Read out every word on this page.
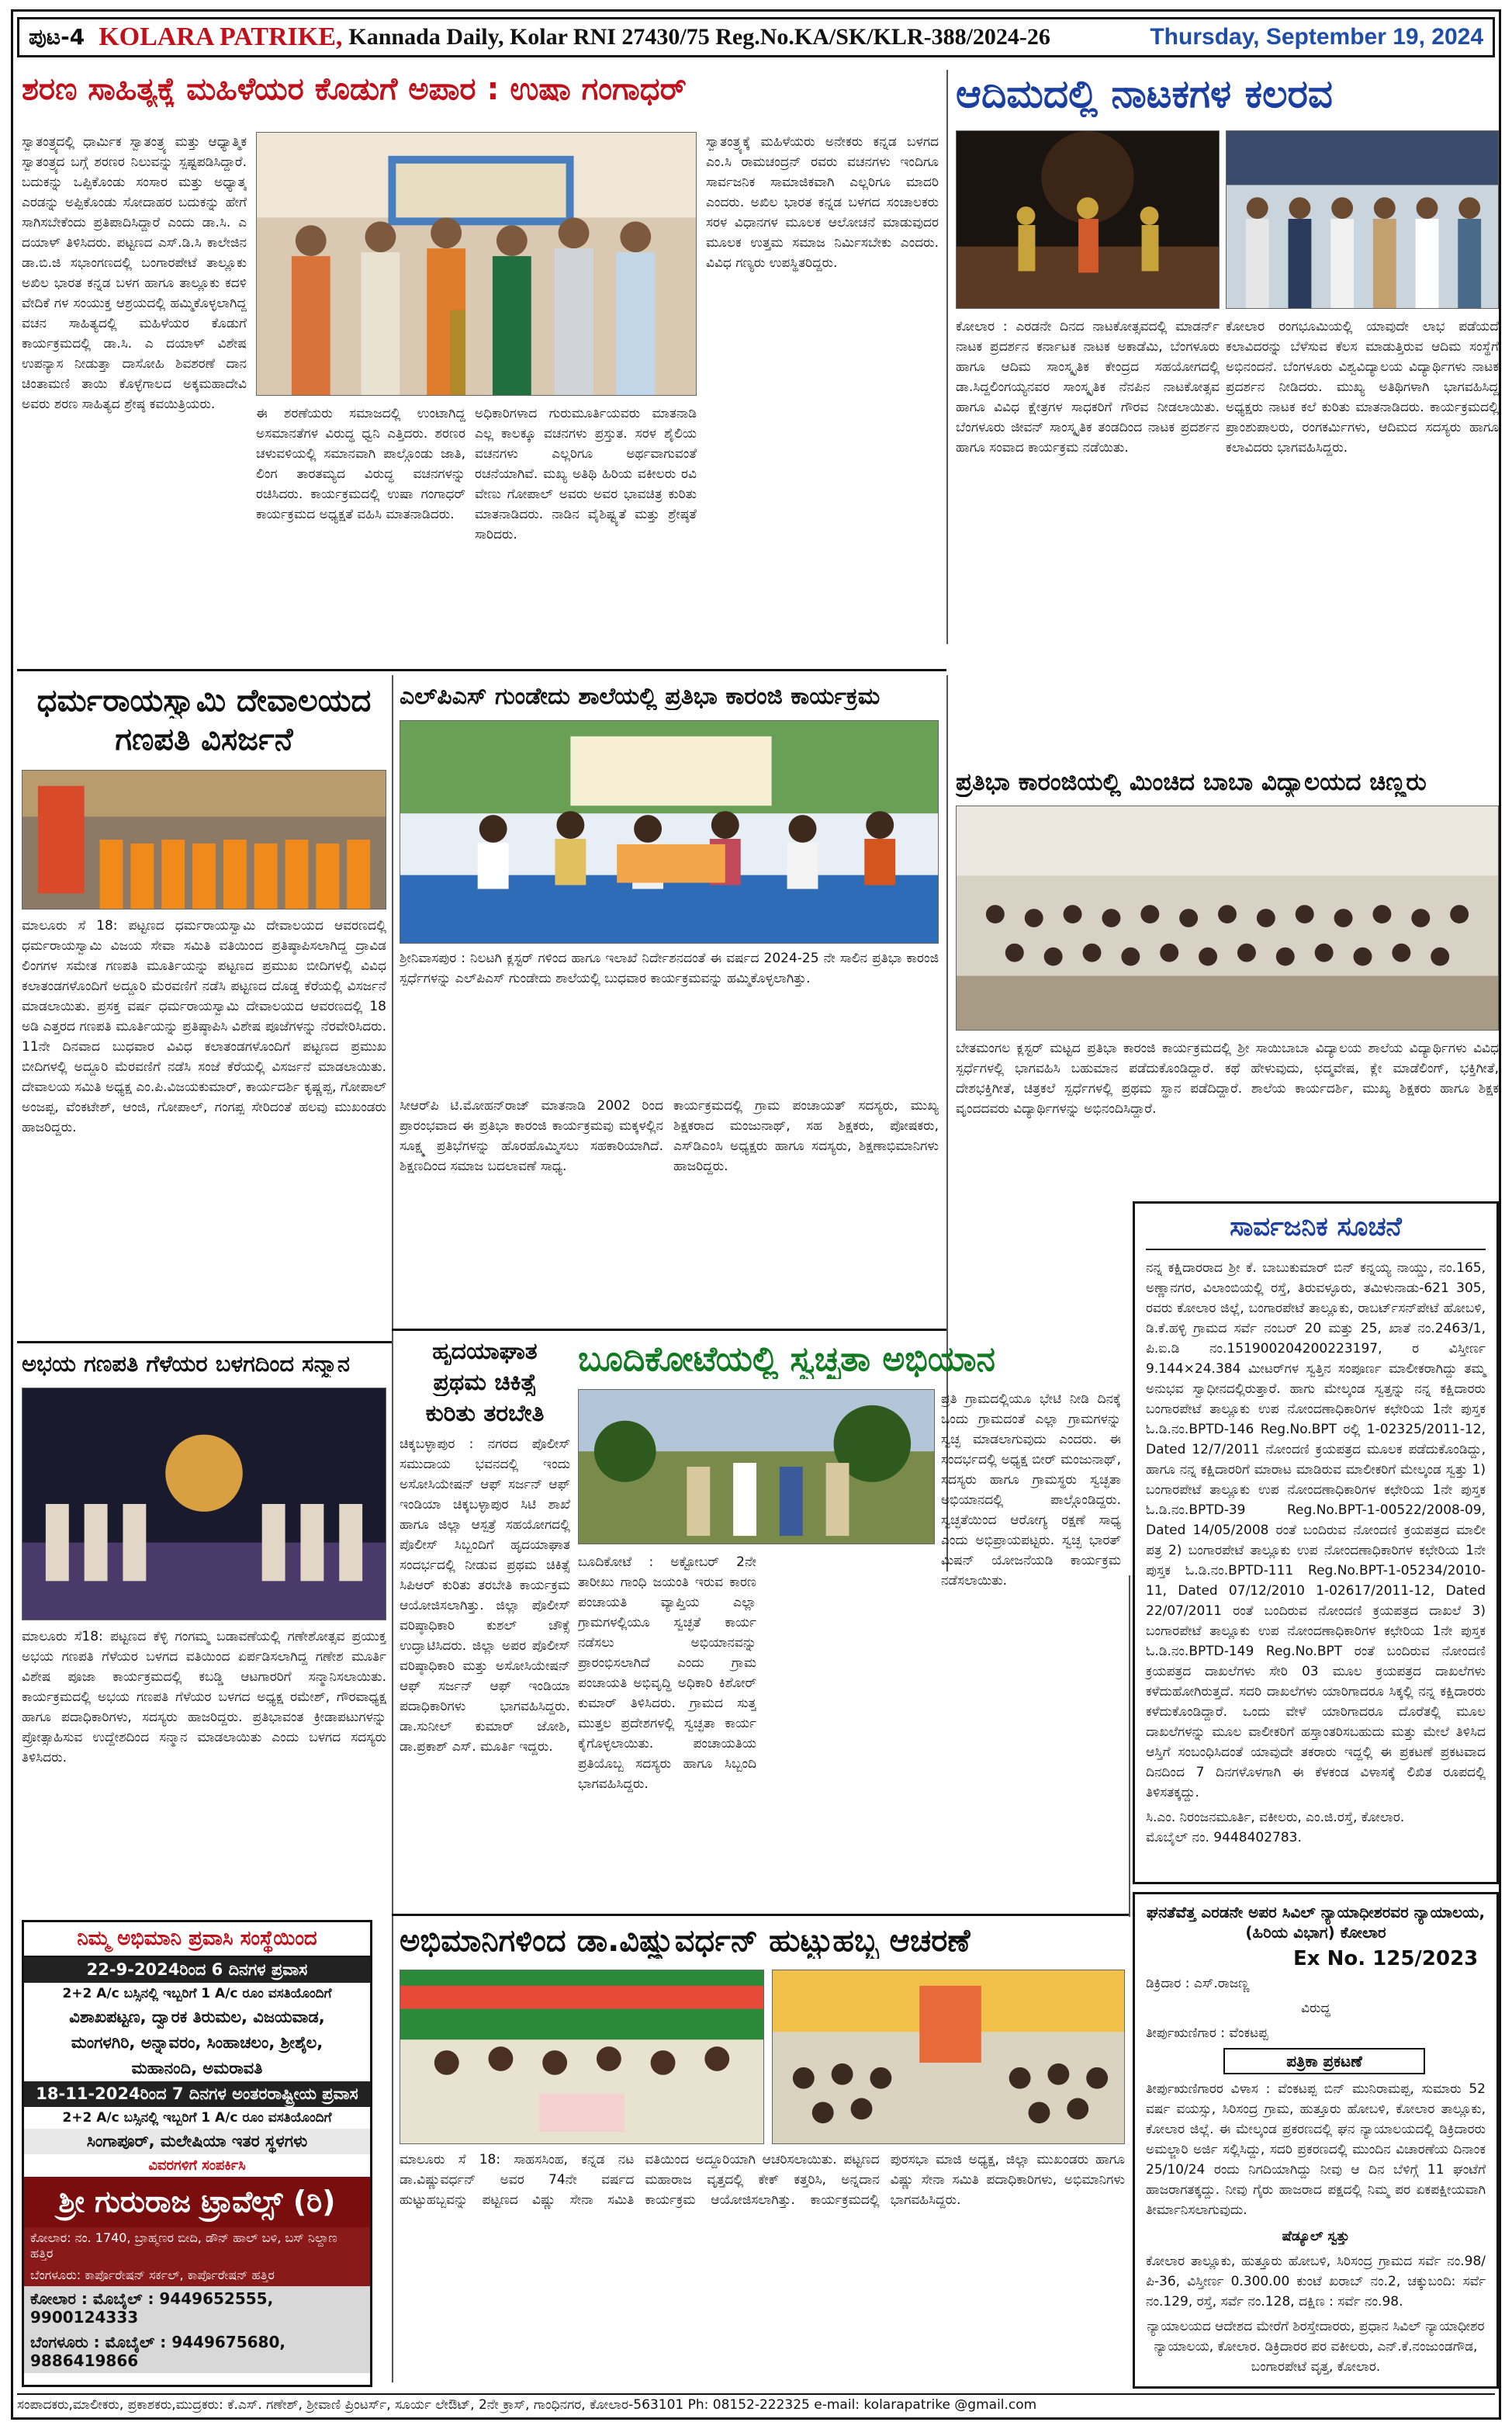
ಪುಟ-4 KOLARA PATRIKE, Kannada Daily, Kolar RNI 27430/75 Reg.No.KA/SK/KLR-388/2024-26	Thursday, September 19, 2024
ಶರಣ ಸಾಹಿತ್ಯಕ್ಕೆ ಮಹಿಳೆಯರ ಕೊಡುಗೆ ಅಪಾರ : ಉಷಾ ಗಂಗಾಧರ್
ಸ್ವಾತಂತ್ರ್ಯದಲ್ಲಿ ಧಾರ್ಮಿಕ ಸ್ವಾತಂತ್ರ್ಯ ಮತ್ತು ಆಧ್ಯಾತ್ಮಿಕ ಸ್ವಾತಂತ್ರ್ಯದ ಬಗ್ಗೆ ಶರಣರ ನಿಲುವನ್ನು ಸ್ಪಷ್ಟಪಡಿಸಿದ್ದಾರೆ. ಬದುಕನ್ನು ಒಪ್ಪಿಕೊಂಡು ಸಂಸಾರ ಮತ್ತು ಅಧ್ಯಾತ್ಮ ಎರಡನ್ನು ಅಪ್ಪಿಕೊಂಡು ಸೋದಾಹರ ಬದುಕನ್ನು ಹೇಗೆ ಸಾಗಿಸಬೇಕೆಂದು ಪ್ರತಿಪಾದಿಸಿದ್ದಾರೆ ಎಂದು ಡಾ.ಸಿ. ಎ ದಯಾಳ್ ತಿಳಿಸಿದರು. ಪಟ್ಟಣದ ಎಸ್.ಡಿ.ಸಿ ಕಾಲೇಜಿನ ಡಾ.ಬಿ.ಜಿ ಸಭಾಂಗಣದಲ್ಲಿ ಬಂಗಾರಪೇಟೆ ತಾಲ್ಲೂಕು ಅಖಿಲ ಭಾರತ ಕನ್ನಡ ಬಳಗ ಹಾಗೂ ತಾಲ್ಲೂಕು ಕದಳಿ ವೇದಿಕೆ ಗಳ ಸಂಯುಕ್ತ ಆಶ್ರಯದಲ್ಲಿ ಹಮ್ಮಿಕೊಳ್ಳಲಾಗಿದ್ದ ವಚನ ಸಾಹಿತ್ಯದಲ್ಲಿ ಮಹಿಳೆಯರ ಕೊಡುಗೆ ಕಾರ್ಯಕ್ರಮದಲ್ಲಿ ಡಾ.ಸಿ. ಎ ದಯಾಳ್ ವಿಶೇಷ ಉಪನ್ಯಾಸ ನೀಡುತ್ತಾ ದಾಸೋಹಿ ಶಿವಶರಣೆ ದಾನ ಚಿಂತಾಮಣಿ ತಾಯಿ ಕೊಳ್ಳೆಗಾಲದ ಅಕ್ಕಮಹಾದೇವಿ ಅವರು ಶರಣ ಸಾಹಿತ್ಯದ ಶ್ರೇಷ್ಠ ಕವಯಿತ್ರಿಯರು.
ಈ ಶರಣೆಯರು ಸಮಾಜದಲ್ಲಿ ಉಂಟಾಗಿದ್ದ ಅಸಮಾನತೆಗಳ ವಿರುದ್ಧ ಧ್ವನಿ ಎತ್ತಿದರು. ಶರಣರ ಚಳುವಳಿಯಲ್ಲಿ ಸಮಾನವಾಗಿ ಪಾಲ್ಗೊಂಡು ಜಾತಿ, ಲಿಂಗ ತಾರತಮ್ಯದ ವಿರುದ್ಧ ವಚನಗಳನ್ನು ರಚಿಸಿದರು. ಕಾರ್ಯಕ್ರಮದಲ್ಲಿ ಉಷಾ ಗಂಗಾಧರ್ ಕಾರ್ಯಕ್ರಮದ ಅಧ್ಯಕ್ಷತೆ ವಹಿಸಿ ಮಾತನಾಡಿದರು.
ಅಧಿಕಾರಿಗಳಾದ ಗುರುಮೂರ್ತಿಯವರು ಮಾತನಾಡಿ ಎಲ್ಲ ಕಾಲಕ್ಕೂ ವಚನಗಳು ಪ್ರಸ್ತುತ. ಸರಳ ಶೈಲಿಯ ವಚನಗಳು ಎಲ್ಲರಿಗೂ ಅರ್ಥವಾಗುವಂತೆ ರಚನೆಯಾಗಿವೆ. ಮಖ್ಯ ಅತಿಥಿ ಹಿರಿಯ ವಕೀಲರು ರವಿ ವೇಣು ಗೋಪಾಲ್ ಅವರು ಅವರ ಭಾವಚಿತ್ರ ಕುರಿತು ಮಾತನಾಡಿದರು. ನಾಡಿನ ವೈಶಿಷ್ಟ್ಯತೆ ಮತ್ತು ಶ್ರೇಷ್ಠತೆ ಸಾರಿದರು.
ಸ್ವಾತಂತ್ರ್ಯಕ್ಕೆ ಮಹಿಳೆಯರು ಅನೇಕರು ಕನ್ನಡ ಬಳಗದ ಎಂ.ಸಿ ರಾಮಚಂದ್ರನ್ ರವರು ವಚನಗಳು ಇಂದಿಗೂ ಸಾರ್ವಜನಿಕ ಸಾಮಾಜಿಕವಾಗಿ ಎಲ್ಲರಿಗೂ ಮಾದರಿ ಎಂದರು. ಅಖಿಲ ಭಾರತ ಕನ್ನಡ ಬಳಗದ ಸಂಚಾಲಕರು ಸರಳ ವಿಧಾನಗಳ ಮೂಲಕ ಆಲೋಚನೆ ಮಾಡುವುದರ ಮೂಲಕ ಉತ್ತಮ ಸಮಾಜ ನಿರ್ಮಿಸಬೇಕು ಎಂದರು. ವಿವಿಧ ಗಣ್ಯರು ಉಪಸ್ಥಿತರಿದ್ದರು.
ಆದಿಮದಲ್ಲಿ ನಾಟಕಗಳ ಕಲರವ
ಕೋಲಾರ : ಎರಡನೇ ದಿನದ ನಾಟಕೋತ್ಸವದಲ್ಲಿ ಮಾಡರ್ನ್ ನಾಟಕ ಪ್ರದರ್ಶನ ಕರ್ನಾಟಕ ನಾಟಕ ಅಕಾಡೆಮಿ, ಬೆಂಗಳೂರು ಹಾಗೂ ಆದಿಮ ಸಾಂಸ್ಕೃತಿಕ ಕೇಂದ್ರದ ಸಹಯೋಗದಲ್ಲಿ ಡಾ.ಸಿದ್ದಲಿಂಗಯ್ಯನವರ ಸಾಂಸ್ಕೃತಿಕ ನೆನಪಿನ ನಾಟಕೋತ್ಸವ ಹಾಗೂ ವಿವಿಧ ಕ್ಷೇತ್ರಗಳ ಸಾಧಕರಿಗೆ ಗೌರವ ನೀಡಲಾಯಿತು. ಬೆಂಗಳೂರು ಜೀವನ್ ಸಾಂಸ್ಕೃತಿಕ ತಂಡದಿಂದ ನಾಟಕ ಪ್ರದರ್ಶನ ಹಾಗೂ ಸಂವಾದ ಕಾರ್ಯಕ್ರಮ ನಡೆಯಿತು.
ಕೋಲಾರ ರಂಗಭೂಮಿಯಲ್ಲಿ ಯಾವುದೇ ಲಾಭ ಪಡೆಯದೆ ಕಲಾವಿದರನ್ನು ಬೆಳೆಸುವ ಕೆಲಸ ಮಾಡುತ್ತಿರುವ ಆದಿಮ ಸಂಸ್ಥೆಗೆ ಅಭಿನಂದನೆ. ಬೆಂಗಳೂರು ವಿಶ್ವವಿದ್ಯಾಲಯ ವಿದ್ಯಾರ್ಥಿಗಳು ನಾಟಕ ಪ್ರದರ್ಶನ ನೀಡಿದರು. ಮುಖ್ಯ ಅತಿಥಿಗಳಾಗಿ ಭಾಗವಹಿಸಿದ್ದ ಅಧ್ಯಕ್ಷರು ನಾಟಕ ಕಲೆ ಕುರಿತು ಮಾತನಾಡಿದರು. ಕಾರ್ಯಕ್ರಮದಲ್ಲಿ ಪ್ರಾಂಶುಪಾಲರು, ರಂಗಕರ್ಮಿಗಳು, ಆದಿಮದ ಸದಸ್ಯರು ಹಾಗೂ ಕಲಾವಿದರು ಭಾಗವಹಿಸಿದ್ದರು.
ಧರ್ಮರಾಯಸ್ವಾಮಿ ದೇವಾಲಯದ
ಗಣಪತಿ ವಿಸರ್ಜನೆ
ಮಾಲೂರು ಸೆ 18: ಪಟ್ಟಣದ ಧರ್ಮರಾಯಸ್ವಾಮಿ ದೇವಾಲಯದ ಆವರಣದಲ್ಲಿ ಧರ್ಮರಾಯಸ್ವಾಮಿ ವಿಜಯ ಸೇವಾ ಸಮಿತಿ ವತಿಯಿಂದ ಪ್ರತಿಷ್ಠಾಪಿಸಲಾಗಿದ್ದ ದ್ರಾವಿಡ ಲಿಂಗಗಳ ಸಮೇತ ಗಣಪತಿ ಮೂರ್ತಿಯನ್ನು ಪಟ್ಟಣದ ಪ್ರಮುಖ ಬೀದಿಗಳಲ್ಲಿ ವಿವಿಧ ಕಲಾತಂಡಗಳೊಂದಿಗೆ ಅದ್ದೂರಿ ಮೆರವಣಿಗೆ ನಡೆಸಿ ಪಟ್ಟಣದ ದೊಡ್ಡ ಕೆರೆಯಲ್ಲಿ ವಿಸರ್ಜನೆ ಮಾಡಲಾಯಿತು. ಪ್ರಸಕ್ತ ವರ್ಷ ಧರ್ಮರಾಯಸ್ವಾಮಿ ದೇವಾಲಯದ ಆವರಣದಲ್ಲಿ 18 ಅಡಿ ಎತ್ತರದ ಗಣಪತಿ ಮೂರ್ತಿಯನ್ನು ಪ್ರತಿಷ್ಠಾಪಿಸಿ ವಿಶೇಷ ಪೂಜೆಗಳನ್ನು ನೆರವೇರಿಸಿದರು. 11ನೇ ದಿನವಾದ ಬುಧವಾರ ವಿವಿಧ ಕಲಾತಂಡಗಳೊಂದಿಗೆ ಪಟ್ಟಣದ ಪ್ರಮುಖ ಬೀದಿಗಳಲ್ಲಿ ಅದ್ದೂರಿ ಮೆರವಣಿಗೆ ನಡೆಸಿ ಸಂಜೆ ಕೆರೆಯಲ್ಲಿ ವಿಸರ್ಜನೆ ಮಾಡಲಾಯಿತು. ದೇವಾಲಯ ಸಮಿತಿ ಅಧ್ಯಕ್ಷ ಎಂ.ಪಿ.ವಿಜಯಕುಮಾರ್, ಕಾರ್ಯದರ್ಶಿ ಕೃಷ್ಣಪ್ಪ, ಗೋಪಾಲ್ ಅಂಜಪ್ಪ, ವೆಂಕಟೇಶ್, ಆಂಜಿ, ಗೋಪಾಲ್, ಗಂಗಪ್ಪ ಸೇರಿದಂತೆ ಹಲವು ಮುಖಂಡರು ಹಾಜರಿದ್ದರು.
ಎಲ್‌ಪಿಎಸ್ ಗುಂಡೇದು ಶಾಲೆಯಲ್ಲಿ ಪ್ರತಿಭಾ ಕಾರಂಜಿ ಕಾರ್ಯಕ್ರಮ
ಶ್ರೀನಿವಾಸಪುರ : ನಿಲಟಗಿ ಕ್ಲಸ್ಟರ್ ಗಳಿಂದ ಹಾಗೂ ಇಲಾಖೆ ನಿರ್ದೇಶನದಂತೆ ಈ ವರ್ಷದ 2024-25 ನೇ ಸಾಲಿನ ಪ್ರತಿಭಾ ಕಾರಂಜಿ ಸ್ಪರ್ಧೆಗಳನ್ನು ಎಲ್‌ಪಿಎಸ್ ಗುಂಡೇದು ಶಾಲೆಯಲ್ಲಿ ಬುಧವಾರ ಕಾರ್ಯಕ್ರಮವನ್ನು ಹಮ್ಮಿಕೊಳ್ಳಲಾಗಿತ್ತು.
ಸೀಆರ್‌ಪಿ ಟಿ.ಮೋಹನ್‌ರಾಜ್ ಮಾತನಾಡಿ 2002 ರಿಂದ ಪ್ರಾರಂಭವಾದ ಈ ಪ್ರತಿಭಾ ಕಾರಂಜಿ ಕಾರ್ಯಕ್ರಮವು ಮಕ್ಕಳಲ್ಲಿನ ಸೂಕ್ಷ್ಮ ಪ್ರತಿಭೆಗಳನ್ನು ಹೊರಹೊಮ್ಮಿಸಲು ಸಹಕಾರಿಯಾಗಿದೆ. ಶಿಕ್ಷಣದಿಂದ ಸಮಾಜ ಬದಲಾವಣೆ ಸಾಧ್ಯ.
ಕಾರ್ಯಕ್ರಮದಲ್ಲಿ ಗ್ರಾಮ ಪಂಚಾಯತ್ ಸದಸ್ಯರು, ಮುಖ್ಯ ಶಿಕ್ಷಕರಾದ ಮಂಜುನಾಥ್, ಸಹ ಶಿಕ್ಷಕರು, ಪೋಷಕರು, ಎಸ್‌ಡಿಎಂಸಿ ಅಧ್ಯಕ್ಷರು ಹಾಗೂ ಸದಸ್ಯರು, ಶಿಕ್ಷಣಾಭಿಮಾನಿಗಳು ಹಾಜರಿದ್ದರು.
ಪ್ರತಿಭಾ ಕಾರಂಜಿಯಲ್ಲಿ ಮಿಂಚಿದ ಬಾಬಾ ವಿದ್ಯಾಲಯದ ಚಿಣ್ಣರು
ಬೇತಮಂಗಲ ಕ್ಲಸ್ಟರ್ ಮಟ್ಟದ ಪ್ರತಿಭಾ ಕಾರಂಜಿ ಕಾರ್ಯಕ್ರಮದಲ್ಲಿ ಶ್ರೀ ಸಾಯಿಬಾಬಾ ವಿದ್ಯಾಲಯ ಶಾಲೆಯ ವಿದ್ಯಾರ್ಥಿಗಳು ವಿವಿಧ ಸ್ಪರ್ಧೆಗಳಲ್ಲಿ ಭಾಗವಹಿಸಿ ಬಹುಮಾನ ಪಡೆದುಕೊಂಡಿದ್ದಾರೆ. ಕಥೆ ಹೇಳುವುದು, ಛದ್ಮವೇಷ, ಕ್ಲೇ ಮಾಡೆಲಿಂಗ್, ಭಕ್ತಿಗೀತೆ, ದೇಶಭಕ್ತಿಗೀತೆ, ಚಿತ್ರಕಲೆ ಸ್ಪರ್ಧೆಗಳಲ್ಲಿ ಪ್ರಥಮ ಸ್ಥಾನ ಪಡೆದಿದ್ದಾರೆ. ಶಾಲೆಯ ಕಾರ್ಯದರ್ಶಿ, ಮುಖ್ಯ ಶಿಕ್ಷಕರು ಹಾಗೂ ಶಿಕ್ಷಕ ವೃಂದದವರು ವಿದ್ಯಾರ್ಥಿಗಳನ್ನು ಅಭಿನಂದಿಸಿದ್ದಾರೆ.
ಅಭಯ ಗಣಪತಿ ಗೆಳೆಯರ ಬಳಗದಿಂದ ಸನ್ಮಾನ
ಮಾಲೂರು ಸೆ18: ಪಟ್ಟಣದ ಕೆಳ್ಳಿ ಗಂಗಮ್ಮ ಬಡಾವಣೆಯಲ್ಲಿ ಗಣೇಶೋತ್ಸವ ಪ್ರಯುಕ್ತ ಅಭಯ ಗಣಪತಿ ಗೆಳೆಯರ ಬಳಗದ ವತಿಯಿಂದ ಏರ್ಪಡಿಸಲಾಗಿದ್ದ ಗಣೇಶ ಮೂರ್ತಿ ವಿಶೇಷ ಪೂಜಾ ಕಾರ್ಯಕ್ರಮದಲ್ಲಿ ಕಬಡ್ಡಿ ಆಟಗಾರರಿಗೆ ಸನ್ಮಾನಿಸಲಾಯಿತು. ಕಾರ್ಯಕ್ರಮದಲ್ಲಿ ಅಭಯ ಗಣಪತಿ ಗೆಳೆಯರ ಬಳಗದ ಅಧ್ಯಕ್ಷ ರಮೇಶ್, ಗೌರವಾಧ್ಯಕ್ಷ ಹಾಗೂ ಪದಾಧಿಕಾರಿಗಳು, ಸದಸ್ಯರು ಹಾಜರಿದ್ದರು. ಪ್ರತಿಭಾವಂತ ಕ್ರೀಡಾಪಟುಗಳನ್ನು ಪ್ರೋತ್ಸಾಹಿಸುವ ಉದ್ದೇಶದಿಂದ ಸನ್ಮಾನ ಮಾಡಲಾಯಿತು ಎಂದು ಬಳಗದ ಸದಸ್ಯರು ತಿಳಿಸಿದರು.
ಹೃದಯಾಘಾತ
ಪ್ರಥಮ ಚಿಕಿತ್ಸೆ
ಕುರಿತು ತರಬೇತಿ
ಚಿಕ್ಕಬಳ್ಳಾಪುರ : ನಗರದ ಪೊಲೀಸ್ ಸಮುದಾಯ ಭವನದಲ್ಲಿ ಇಂದು ಅಸೋಸಿಯೇಷನ್ ಆಫ್ ಸರ್ಜನ್ ಆಫ್ ಇಂಡಿಯಾ ಚಿಕ್ಕಬಳ್ಳಾಪುರ ಸಿಟಿ ಶಾಖೆ ಹಾಗೂ ಜಿಲ್ಲಾ ಆಸ್ಪತ್ರೆ ಸಹಯೋಗದಲ್ಲಿ ಪೊಲೀಸ್ ಸಿಬ್ಬಂದಿಗೆ ಹೃದಯಾಘಾತ ಸಂದರ್ಭದಲ್ಲಿ ನೀಡುವ ಪ್ರಥಮ ಚಿಕಿತ್ಸೆ ಸಿಪಿಆರ್ ಕುರಿತು ತರಬೇತಿ ಕಾರ್ಯಕ್ರಮ ಆಯೋಜಿಸಲಾಗಿತ್ತು. ಜಿಲ್ಲಾ ಪೊಲೀಸ್ ವರಿಷ್ಠಾಧಿಕಾರಿ ಕುಶಲ್ ಚೌಕ್ಸೆ ಉದ್ಘಾಟಿಸಿದರು. ಜಿಲ್ಲಾ ಅಪರ ಪೊಲೀಸ್ ವರಿಷ್ಠಾಧಿಕಾರಿ ಮತ್ತು ಅಸೋಸಿಯೇಷನ್ ಆಫ್ ಸರ್ಜನ್ ಆಫ್ ಇಂಡಿಯಾ ಪದಾಧಿಕಾರಿಗಳು ಭಾಗವಹಿಸಿದ್ದರು. ಡಾ.ಸುನೀಲ್ ಕುಮಾರ್ ಜೋಶಿ, ಡಾ.ಪ್ರಕಾಶ್ ಎಸ್. ಮೂರ್ತಿ ಇದ್ದರು.
ಬೂದಿಕೋಟೆಯಲ್ಲಿ ಸ್ವಚ್ಛತಾ ಅಭಿಯಾನ
ಬೂದಿಕೋಟೆ : ಅಕ್ಟೋಬರ್ 2ನೇ ತಾರೀಖು ಗಾಂಧಿ ಜಯಂತಿ ಇರುವ ಕಾರಣ ಪಂಚಾಯತಿ ವ್ಯಾಪ್ತಿಯ ಎಲ್ಲಾ ಗ್ರಾಮಗಳಲ್ಲಿಯೂ ಸ್ವಚ್ಛತೆ ಕಾರ್ಯ ನಡೆಸಲು ಅಭಿಯಾನವನ್ನು ಪ್ರಾರಂಭಿಸಲಾಗಿದೆ ಎಂದು ಗ್ರಾಮ ಪಂಚಾಯತಿ ಅಭಿವೃದ್ಧಿ ಅಧಿಕಾರಿ ಕಿಶೋರ್ ಕುಮಾರ್ ತಿಳಿಸಿದರು. ಗ್ರಾಮದ ಸುತ್ತ ಮುತ್ತಲ ಪ್ರದೇಶಗಳಲ್ಲಿ ಸ್ವಚ್ಛತಾ ಕಾರ್ಯ ಕೈಗೊಳ್ಳಲಾಯಿತು. ಪಂಚಾಯತಿಯ ಪ್ರತಿಯೊಬ್ಬ ಸದಸ್ಯರು ಹಾಗೂ ಸಿಬ್ಬಂದಿ ಭಾಗವಹಿಸಿದ್ದರು.
ಪ್ರತಿ ಗ್ರಾಮದಲ್ಲಿಯೂ ಭೇಟಿ ನೀಡಿ ದಿನಕ್ಕೆ ಒಂದು ಗ್ರಾಮದಂತೆ ಎಲ್ಲಾ ಗ್ರಾಮಗಳನ್ನು ಸ್ವಚ್ಛ ಮಾಡಲಾಗುವುದು ಎಂದರು. ಈ ಸಂದರ್ಭದಲ್ಲಿ ಅಧ್ಯಕ್ಷ ಬೀರ್ ಮಂಜುನಾಥ್, ಸದಸ್ಯರು ಹಾಗೂ ಗ್ರಾಮಸ್ಥರು ಸ್ವಚ್ಛತಾ ಅಭಿಯಾನದಲ್ಲಿ ಪಾಲ್ಗೊಂಡಿದ್ದರು. ಸ್ವಚ್ಛತೆಯಿಂದ ಆರೋಗ್ಯ ರಕ್ಷಣೆ ಸಾಧ್ಯ ಎಂದು ಅಭಿಪ್ರಾಯಪಟ್ಟರು. ಸ್ವಚ್ಛ ಭಾರತ್ ಮಿಷನ್ ಯೋಜನೆಯಡಿ ಕಾರ್ಯಕ್ರಮ ನಡೆಸಲಾಯಿತು.
ಸಾರ್ವಜನಿಕ ಸೂಚನೆ
ನನ್ನ ಕಕ್ಷಿದಾರರಾದ ಶ್ರೀ ಕೆ. ಬಾಬುಕುಮಾರ್ ಬಿನ್ ಕನ್ನಯ್ಯ ನಾಯ್ಡು, ನಂ.165, ಅಣ್ಣಾನಗರ, ವಿಲಾಂಬಿಯಲ್ಲಿ ರಸ್ತೆ, ತಿರುವಳ್ಳೂರು, ತಮಿಳುನಾಡು-621 305, ರವರು ಕೋಲಾರ ಜಿಲ್ಲೆ, ಬಂಗಾರಪೇಟೆ ತಾಲ್ಲೂಕು, ರಾಬರ್ಟ್‌ಸನ್‌ಪೇಟೆ ಹೋಬಳಿ, ಡಿ.ಕೆ.ಹಳ್ಳಿ ಗ್ರಾಮದ ಸರ್ವೆ ನಂಬರ್ 20 ಮತ್ತು 25, ಖಾತೆ ನಂ.2463/1, ಪಿ.ಐ.ಡಿ ನಂ.151900204200223197, ರ ವಿಸ್ತೀರ್ಣ 9.144×24.384 ಮೀಟರ್‌ಗಳ ಸ್ವತ್ತಿನ ಸಂಪೂರ್ಣ ಮಾಲೀಕರಾಗಿದ್ದು ತಮ್ಮ ಅನುಭವ ಸ್ವಾಧೀನದಲ್ಲಿರುತ್ತಾರೆ. ಹಾಗು ಮೇಲ್ಕಂಡ ಸ್ವತ್ತನ್ನು ನನ್ನ ಕಕ್ಷಿದಾರರು ಬಂಗಾರಪೇಟೆ ತಾಲ್ಲೂಕು ಉಪ ನೋಂದಣಾಧಿಕಾರಿಗಳ ಕಛೇರಿಯ 1ನೇ ಪುಸ್ತಕ ಓ.ಡಿ.ನಂ.BPTD-146 Reg.No.BPT ರಲ್ಲಿ 1-02325/2011-12, Dated 12/7/2011 ನೋಂದಣಿ ಕ್ರಯಪತ್ರದ ಮೂಲಕ ಪಡೆದುಕೊಂಡಿದ್ದು, ಹಾಗೂ ನನ್ನ ಕಕ್ಷಿದಾರರಿಗೆ ಮಾರಾಟ ಮಾಡಿರುವ ಮಾಲೀಕರಿಗೆ ಮೇಲ್ಕಂಡ ಸ್ವತ್ತು 1) ಬಂಗಾರಪೇಟೆ ತಾಲ್ಲೂಕು ಉಪ ನೋಂದಣಾಧಿಕಾರಿಗಳ ಕಛೇರಿಯ 1ನೇ ಪುಸ್ತಕ ಓ.ಡಿ.ನಂ.BPTD-39 Reg.No.BPT-1-00522/2008-09, Dated 14/05/2008 ರಂತೆ ಬಂದಿರುವ ನೋಂದಣಿ ಕ್ರಯಪತ್ರದ ಮಾಲೀ ಪತ್ರ 2) ಬಂಗಾರಪೇಟೆ ತಾಲ್ಲೂಕು ಉಪ ನೋಂದಣಾಧಿಕಾರಿಗಳ ಕಛೇರಿಯ 1ನೇ ಪುಸ್ತಕ ಓ.ಡಿ.ನಂ.BPTD-111 Reg.No.BPT-1-05234/2010-11, Dated 07/12/2010 1-02617/2011-12, Dated 22/07/2011 ರಂತೆ ಬಂದಿರುವ ನೋಂದಣಿ ಕ್ರಯಪತ್ರದ ದಾಖಲೆ 3) ಬಂಗಾರಪೇಟೆ ತಾಲ್ಲೂಕು ಉಪ ನೋಂದಣಾಧಿಕಾರಿಗಳ ಕಛೇರಿಯ 1ನೇ ಪುಸ್ತಕ ಓ.ಡಿ.ನಂ.BPTD-149 Reg.No.BPT ರಂತೆ ಬಂದಿರುವ ನೋಂದಣಿ ಕ್ರಯಪತ್ರದ ದಾಖಲೆಗಳು ಸೇರಿ 03 ಮೂಲ ಕ್ರಯಪತ್ರದ ದಾಖಲೆಗಳು ಕಳೆದುಹೋಗಿರುತ್ತದೆ. ಸದರಿ ದಾಖಲೆಗಳು ಯಾರಿಗಾದರೂ ಸಿಕ್ಕಲ್ಲಿ ನನ್ನ ಕಕ್ಷಿದಾರರು ಕಳೆದುಕೊಂಡಿದ್ದಾರೆ. ಒಂದು ವೇಳೆ ಯಾರಿಗಾದರೂ ದೊರೆತಲ್ಲಿ ಮೂಲ ದಾಖಲೆಗಳನ್ನು ಮೂಲ ವಾಲೀಕರಿಗೆ ಹಸ್ತಾಂತರಿಸಬಹುದು ಮತ್ತು ಮೇಲೆ ತಿಳಿಸಿದ ಆಸ್ತಿಗೆ ಸಂಬಂಧಿಸಿದಂತೆ ಯಾವುದೇ ತಕರಾರು ಇದ್ದಲ್ಲಿ ಈ ಪ್ರಕಟಣೆ ಪ್ರಕಟವಾದ ದಿನದಿಂದ 7 ದಿನಗಳೊಳಗಾಗಿ ಈ ಕೆಳಕಂಡ ವಿಳಾಸಕ್ಕೆ ಲಿಖಿತ ರೂಪದಲ್ಲಿ ತಿಳಿಸತಕ್ಕದ್ದು.
ಸಿ.ಎಂ. ನಿರಂಜನಮೂರ್ತಿ, ವಕೀಲರು, ಎಂ.ಜಿ.ರಸ್ತೆ, ಕೋಲಾರ.
ಮೊಬೈಲ್ ನಂ. 9448402783.
ಘನತೆವೆತ್ತ ಎರಡನೇ ಅಪರ ಸಿವಿಲ್ ನ್ಯಾಯಾಧೀಶರವರ ನ್ಯಾಯಾಲಯ, (ಹಿರಿಯ ವಿಭಾಗ) ಕೋಲಾರ
Ex No. 125/2023
ಡಿಕ್ರಿದಾರ : ಎಸ್.ರಾಜಣ್ಣ
ವಿರುದ್ಧ
ತೀರ್ಪುಋಣಿಗಾರ : ವೆಂಕಟಪ್ಪ
ಪತ್ರಿಕಾ ಪ್ರಕಟಣೆ
ತೀರ್ಪುಋಣಿಗಾರರ ವಿಳಾಸ : ವೆಂಕಟಪ್ಪ ಬಿನ್ ಮುನಿರಾಮಪ್ಪ, ಸುಮಾರು 52 ವರ್ಷ ವಯಸ್ಸು, ಸಿರಿಸಂದ್ರ ಗ್ರಾಮ, ಹುತ್ತೂರು ಹೋಬಳಿ, ಕೋಲಾರ ತಾಲ್ಲೂಕು, ಕೋಲಾರ ಜಿಲ್ಲೆ. ಈ ಮೇಲ್ಕಂಡ ಪ್ರಕರಣದಲ್ಲಿ ಘನ ನ್ಯಾಯಾಲಯದಲ್ಲಿ ಡಿಕ್ರಿದಾರರು ಅಮಲ್ಜಾರಿ ಅರ್ಜಿ ಸಲ್ಲಿಸಿದ್ದು, ಸದರಿ ಪ್ರಕರಣದಲ್ಲಿ ಮುಂದಿನ ವಿಚಾರಣೆಯ ದಿನಾಂಕ 25/10/24 ರಂದು ನಿಗದಿಯಾಗಿದ್ದು ನೀವು ಆ ದಿನ ಬೆಳಿಗ್ಗೆ 11 ಘಂಟೆಗೆ ಹಾಜರಾಗತಕ್ಕದ್ದು. ನೀವು ಗೈರು ಹಾಜರಾದ ಪಕ್ಷದಲ್ಲಿ ನಿಮ್ಮ ಪರ ಏಕಪಕ್ಷೀಯವಾಗಿ ತೀರ್ಮಾನಿಸಲಾಗುವುದು.
ಷೆಡ್ಯೂಲ್ ಸ್ವತ್ತು
ಕೋಲಾರ ತಾಲ್ಲೂಕು, ಹುತ್ತೂರು ಹೋಬಳಿ, ಸಿರಿಸಂದ್ರ ಗ್ರಾಮದ ಸರ್ವೆ ನಂ.98/ಪಿ-36, ವಿಸ್ತೀರ್ಣ 0.300.00 ಕುಂಟೆ ಖರಾಬ್ ನಂ.2, ಚಕ್ಕುಬಂದಿ: ಸರ್ವೆ ನಂ.129, ರಸ್ತೆ, ಸರ್ವೆ ನಂ.128, ದಕ್ಷಿಣ : ಸರ್ವೆ ನಂ.98.
ನ್ಯಾಯಾಲಯದ ಆದೇಶದ ಮೇರೆಗೆ ಶಿರಸ್ತೇದಾರರು, ಪ್ರಧಾನ ಸಿವಿಲ್ ನ್ಯಾಯಾಧೀಶರ ನ್ಯಾಯಾಲಯ, ಕೋಲಾರ. ಡಿಕ್ರಿದಾರರ ಪರ ವಕೀಲರು, ಎನ್.ಕೆ.ನಂಜುಂಡಗೌಡ, ಬಂಗಾರಪೇಟೆ ವೃತ್ತ, ಕೋಲಾರ.
ಅಭಿಮಾನಿಗಳಿಂದ ಡಾ.ವಿಷ್ಣುವರ್ಧನ್ ಹುಟ್ಟುಹಬ್ಬ ಆಚರಣೆ
ಮಾಲೂರು ಸೆ 18: ಸಾಹಸಸಿಂಹ, ಕನ್ನಡ ನಟ ಡಾ.ವಿಷ್ಣುವರ್ಧನ್ ಅವರ 74ನೇ ವರ್ಷದ ಹುಟ್ಟುಹಬ್ಬವನ್ನು ಪಟ್ಟಣದ ವಿಷ್ಣು ಸೇನಾ ಸಮಿತಿ ವತಿಯಿಂದ ಅದ್ದೂರಿಯಾಗಿ ಆಚರಿಸಲಾಯಿತು. ಪಟ್ಟಣದ ಮಹಾರಾಜ ವೃತ್ತದಲ್ಲಿ ಕೇಕ್ ಕತ್ತರಿಸಿ, ಅನ್ನದಾನ ಕಾರ್ಯಕ್ರಮ ಆಯೋಜಿಸಲಾಗಿತ್ತು. ಕಾರ್ಯಕ್ರಮದಲ್ಲಿ ಪುರಸಭಾ ಮಾಜಿ ಅಧ್ಯಕ್ಷ, ಜಿಲ್ಲಾ ಮುಖಂಡರು ಹಾಗೂ ವಿಷ್ಣು ಸೇನಾ ಸಮಿತಿ ಪದಾಧಿಕಾರಿಗಳು, ಅಭಿಮಾನಿಗಳು ಭಾಗವಹಿಸಿದ್ದರು.
ನಿಮ್ಮ ಅಭಿಮಾನಿ ಪ್ರವಾಸಿ ಸಂಸ್ಥೆಯಿಂದ
22-9-2024ರಿಂದ 6 ದಿನಗಳ ಪ್ರವಾಸ
2+2 A/c ಬಸ್ಸಿನಲ್ಲಿ ಇಬ್ಬರಿಗೆ 1 A/c ರೂಂ ವಸತಿಯೊಂದಿಗೆ
ವಿಶಾಖಪಟ್ಟಣ, ದ್ವಾರಕ ತಿರುಮಲ, ವಿಜಯವಾಡ,
ಮಂಗಳಗಿರಿ, ಅನ್ನಾವರಂ, ಸಿಂಹಾಚಲಂ, ಶ್ರೀಶೈಲ,
ಮಹಾನಂದಿ, ಅಮರಾವತಿ
18-11-2024ರಿಂದ 7 ದಿನಗಳ ಅಂತರರಾಷ್ಟ್ರೀಯ ಪ್ರವಾಸ
2+2 A/c ಬಸ್ಸಿನಲ್ಲಿ ಇಬ್ಬರಿಗೆ 1 A/c ರೂಂ ವಸತಿಯೊಂದಿಗೆ
ಸಿಂಗಾಪೂರ್, ಮಲೇಷಿಯಾ ಇತರ ಸ್ಥಳಗಳು
ವಿವರಗಳಿಗೆ ಸಂಪರ್ಕಿಸಿ
ಶ್ರೀ ಗುರುರಾಜ ಟ್ರಾವೆಲ್ಸ್ (ರಿ)
ಕೋಲಾರ: ನಂ. 1740, ಬ್ರಾಹ್ಮಣರ ಬೀದಿ, ಡೌನ್ ಹಾಲ್ ಬಳಿ, ಬಸ್ ನಿಲ್ದಾಣ ಹತ್ತಿರ
ಬೆಂಗಳೂರು: ಕಾರ್ಪೊರೇಷನ್ ಸರ್ಕಲ್, ಕಾರ್ಪೊರೇಷನ್ ಹತ್ತಿರ
ಕೋಲಾರ : ಮೊಬೈಲ್ : 9449652555, 9900124333
ಬೆಂಗಳೂರು : ಮೊಬೈಲ್ : 9449675680, 9886419866
ಸಂಪಾದಕರು,ಮಾಲೀಕರು, ಪ್ರಕಾಶಕರು,ಮುದ್ರಕರು: ಕೆ.ಎಸ್. ಗಣೇಶ್, ಶ್ರೀವಾಣಿ ಪ್ರಿಂಟರ್ಸ್, ಸೂರ್ಯ ಲೇಔಟ್, 2ನೇ ಕ್ರಾಸ್, ಗಾಂಧಿನಗರ, ಕೋಲಾರ-563101 Ph: 08152-222325 e-mail: kolarapatrike @gmail.com
